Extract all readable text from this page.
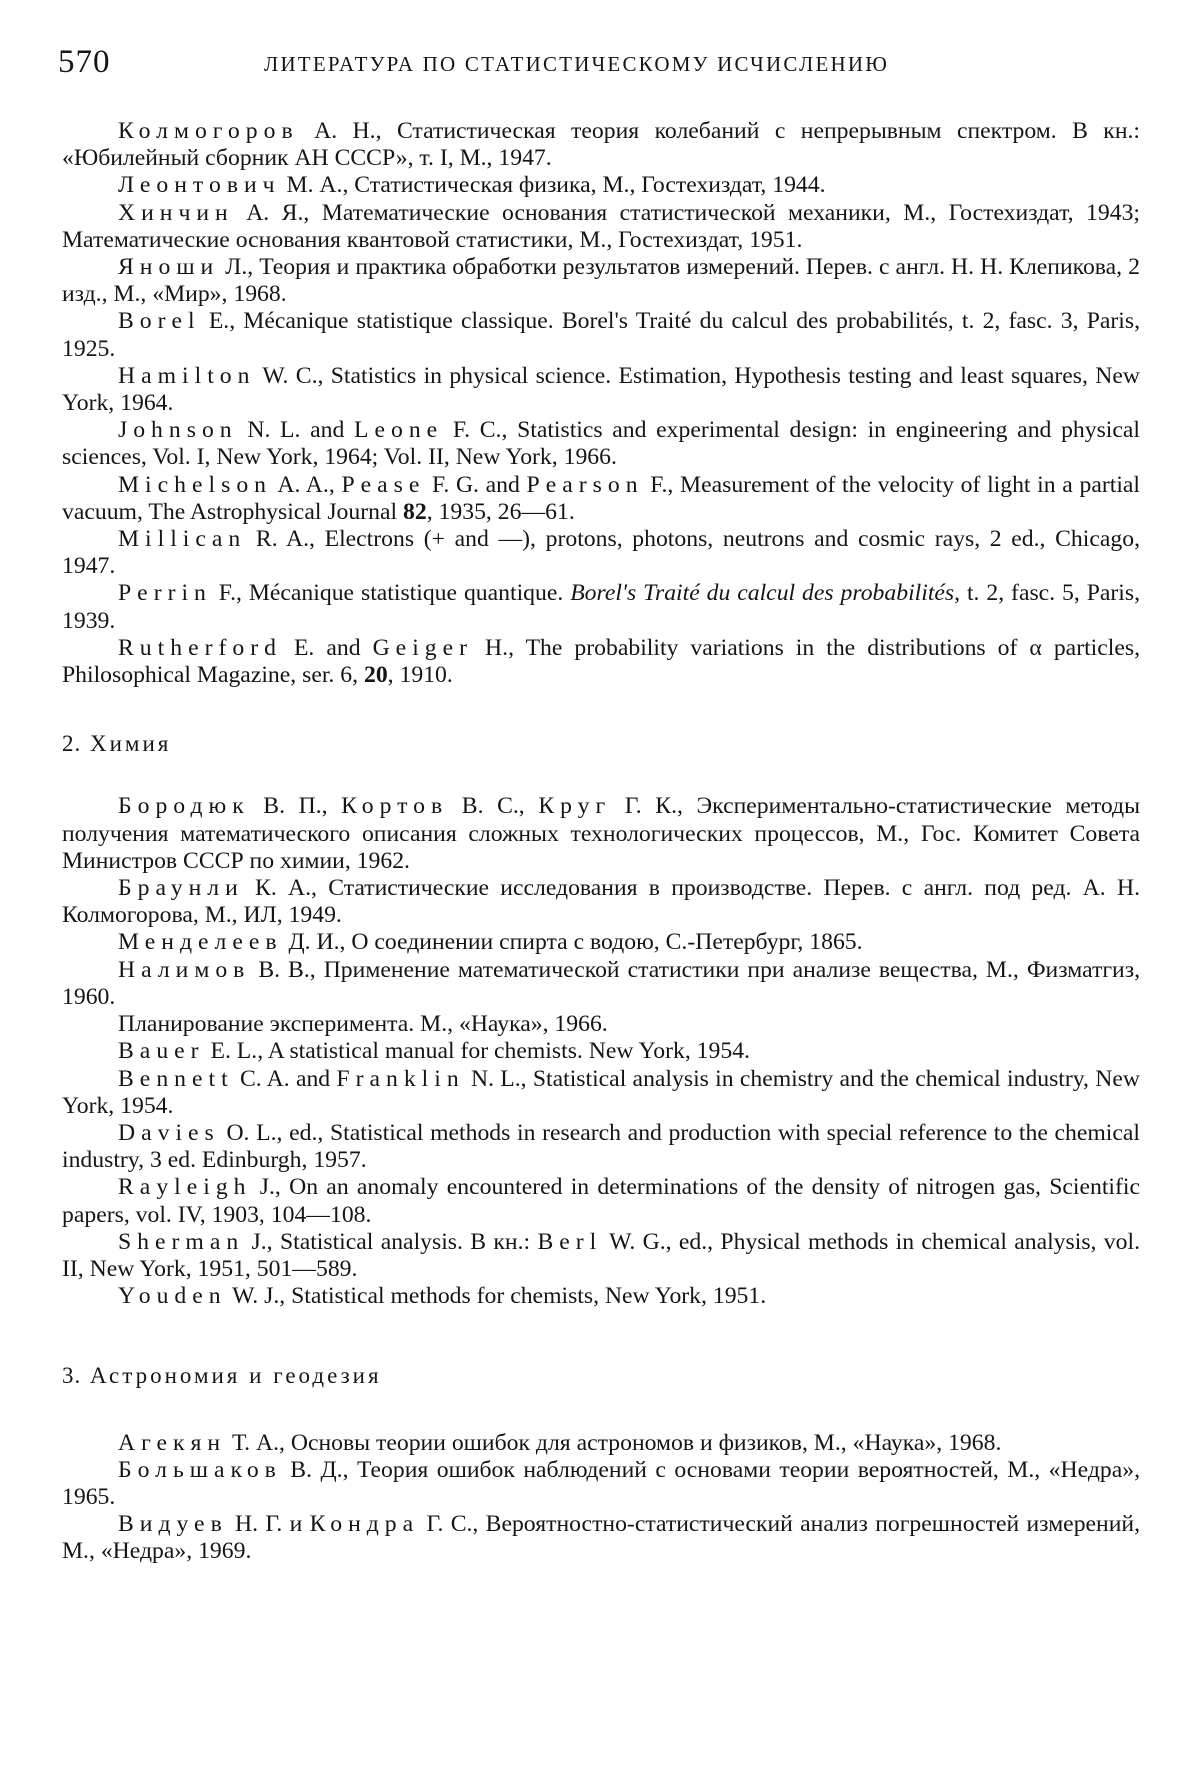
570	ЛИТЕРАТУРА ПО СТАТИСТИЧЕСКОМУ ИСЧИСЛЕНИЮ

Колмогоров А. Н., Статистическая теория колебаний с непрерывным спектром. В кн.: «Юбилейный сборник АН СССР», т. I, М., 1947.

Леонтович М. А., Статистическая физика, М., Гостехиздат, 1944.

Хинчин А. Я., Математические основания статистической механики, М., Гостехиздат, 1943; Математические основания квантовой статистики, М., Гостехиздат, 1951.

Яноши Л., Теория и практика обработки результатов измерений. Перев. с англ. Н. Н. Клепикова, 2 изд., М., «Мир», 1968.

Borel E., Mécanique statistique classique. Borel's Traité du calcul des probabilités, t. 2, fasc. 3, Paris, 1925.

Hamilton W. C., Statistics in physical science. Estimation, Hypothesis testing and least squares, New York, 1964.

Johnson N. L. and Leone F. C., Statistics and experimental design: in engineering and physical sciences, Vol. I, New York, 1964; Vol. II, New York, 1966.

Michelson A. A., Pease F. G. and Pearson F., Measurement of the velocity of light in a partial vacuum, The Astrophysical Journal 82, 1935, 26—61.

Millican R. A., Electrons (+ and —), protons, photons, neutrons and cosmic rays, 2 ed., Chicago, 1947.

Perrin F., Mécanique statistique quantique. Borel's Traité du calcul des probabilités, t. 2, fasc. 5, Paris, 1939.

Rutherford E. and Geiger H., The probability variations in the distributions of α particles, Philosophical Magazine, ser. 6, 20, 1910.

2. Химия

Бородюк В. П., Кортов В. С., Круг Г. К., Экспериментально-статистические методы получения математического описания сложных технологических процессов, М., Гос. Комитет Совета Министров СССР по химии, 1962.

Браунли К. А., Статистические исследования в производстве. Перев. с англ. под ред. А. Н. Колмогорова, М., ИЛ, 1949.

Менделеев Д. И., О соединении спирта с водою, С.-Петербург, 1865.

Налимов В. В., Применение математической статистики при анализе вещества, М., Физматгиз, 1960.

Планирование эксперимента. М., «Наука», 1966.

Bauer E. L., A statistical manual for chemists. New York, 1954.

Bennett C. A. and Franklin N. L., Statistical analysis in chemistry and the chemical industry, New York, 1954.

Davies O. L., ed., Statistical methods in research and production with special reference to the chemical industry, 3 ed. Edinburgh, 1957.

Rayleigh J., On an anomaly encountered in determinations of the density of nitrogen gas, Scientific papers, vol. IV, 1903, 104—108.

Sherman J., Statistical analysis. В кн.: Berl W. G., ed., Physical methods in chemical analysis, vol. II, New York, 1951, 501—589.

Youden W. J., Statistical methods for chemists, New York, 1951.

3. Астрономия и геодезия

Агекян Т. А., Основы теории ошибок для астрономов и физиков, М., «Наука», 1968.

Большаков В. Д., Теория ошибок наблюдений с основами теории вероятностей, М., «Недра», 1965.

Видуев Н. Г. и Кондра Г. С., Вероятностно-статистический анализ погрешностей измерений, М., «Недра», 1969.
